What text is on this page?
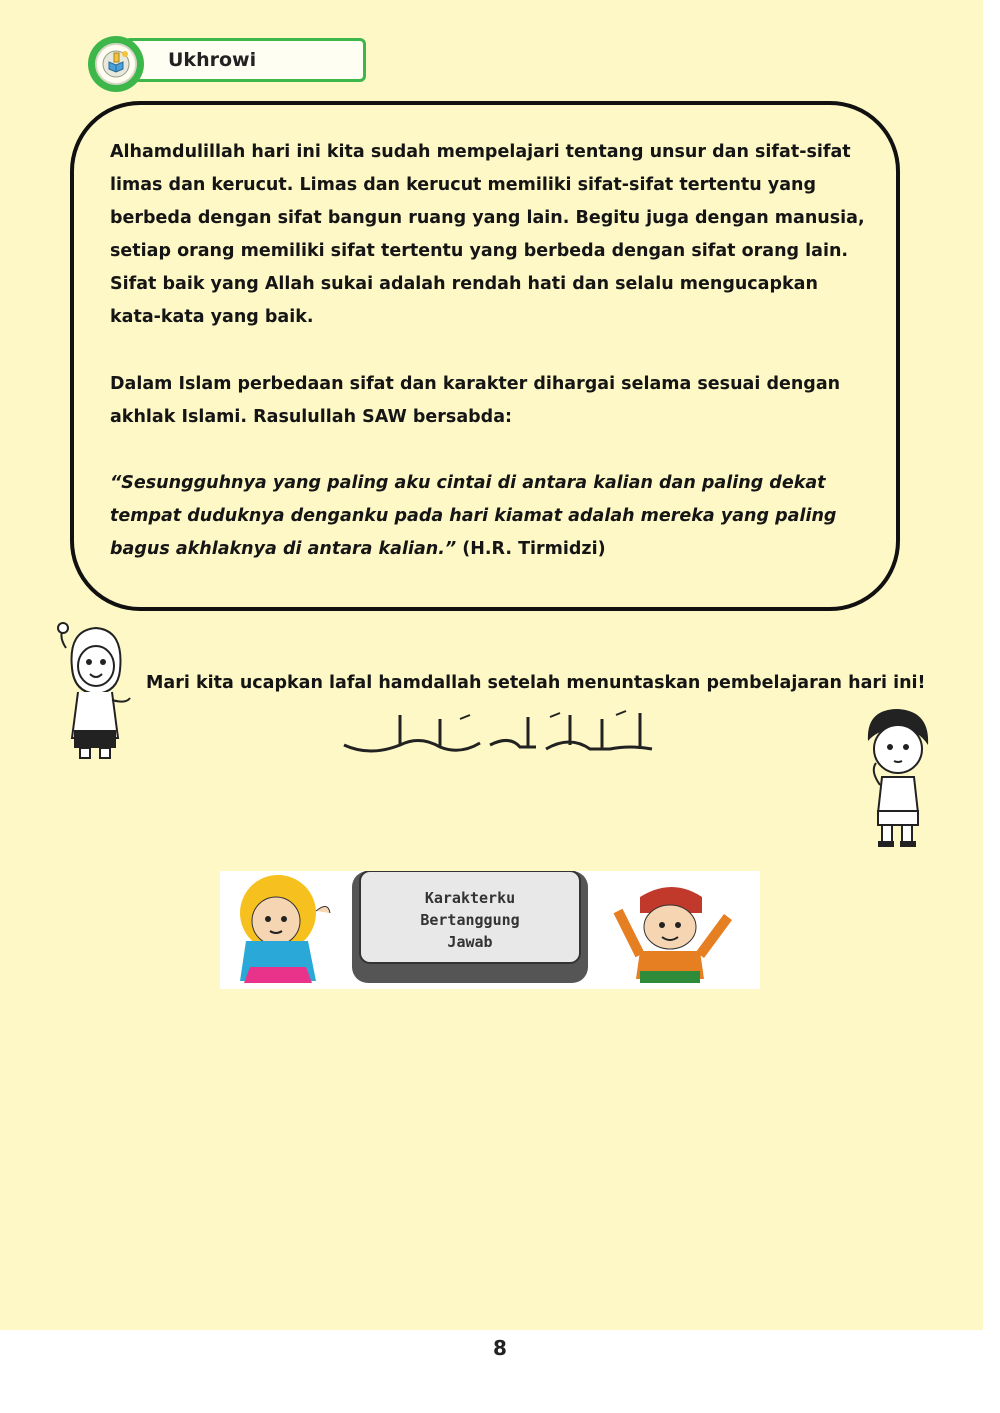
Ukhrowi

Alhamdulillah hari ini kita sudah mempelajari tentang unsur dan sifat-sifat limas dan kerucut. Limas dan kerucut memiliki sifat-sifat tertentu yang berbeda dengan sifat bangun ruang yang lain. Begitu juga dengan manusia, setiap orang memiliki sifat tertentu yang berbeda dengan sifat orang lain. Sifat baik yang Allah sukai adalah rendah hati dan selalu mengucapkan kata-kata yang baik.

Dalam Islam perbedaan sifat dan karakter dihargai selama sesuai dengan akhlak Islami. Rasulullah SAW bersabda:

“Sesungguhnya yang paling aku cintai di antara kalian dan paling dekat tempat duduknya denganku pada hari kiamat adalah mereka yang paling bagus akhlaknya di antara kalian.” (H.R. Tirmidzi)

Mari kita ucapkan lafal hamdallah setelah menuntaskan pembelajaran hari ini!
Karakterku
Bertanggung
Jawab
8
